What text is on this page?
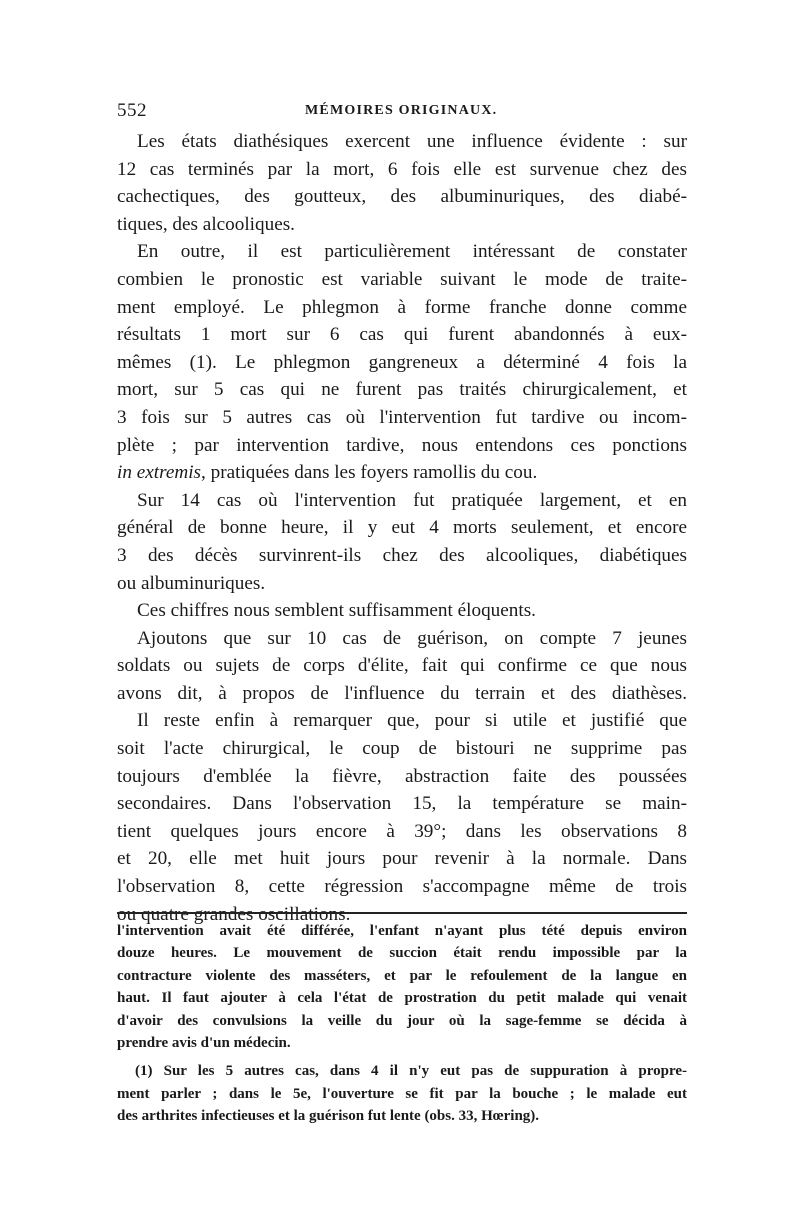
552	MÉMOIRES ORIGINAUX.
Les états diathésiques exercent une influence évidente : sur
12 cas terminés par la mort, 6 fois elle est survenue chez des
cachectiques, des goutteux, des albuminuriques, des diabé-
tiques, des alcooliques.
En outre, il est particulièrement intéressant de constater
combien le pronostic est variable suivant le mode de traite-
ment employé. Le phlegmon à forme franche donne comme
résultats 1 mort sur 6 cas qui furent abandonnés à eux-
mêmes (1). Le phlegmon gangreneux a déterminé 4 fois la
mort, sur 5 cas qui ne furent pas traités chirurgicalement, et
3 fois sur 5 autres cas où l'intervention fut tardive ou incom-
plète ; par intervention tardive, nous entendons ces ponctions
in extremis, pratiquées dans les foyers ramollis du cou.
Sur 14 cas où l'intervention fut pratiquée largement, et en
général de bonne heure, il y eut 4 morts seulement, et encore
3 des décès survinrent-ils chez des alcooliques, diabétiques
ou albuminuriques.
Ces chiffres nous semblent suffisamment éloquents.
Ajoutons que sur 10 cas de guérison, on compte 7 jeunes
soldats ou sujets de corps d'élite, fait qui confirme ce que nous
avons dit, à propos de l'influence du terrain et des diathèses.
Il reste enfin à remarquer que, pour si utile et justifié que
soit l'acte chirurgical, le coup de bistouri ne supprime pas
toujours d'emblée la fièvre, abstraction faite des poussées
secondaires. Dans l'observation 15, la température se main-
tient quelques jours encore à 39°; dans les observations 8
et 20, elle met huit jours pour revenir à la normale. Dans
l'observation 8, cette régression s'accompagne même de trois
ou quatre grandes oscillations.
l'intervention avait été différée, l'enfant n'ayant plus tété depuis environ
douze heures. Le mouvement de succion était rendu impossible par la
contracture violente des masséters, et par le refoulement de la langue en
haut. Il faut ajouter à cela l'état de prostration du petit malade qui venait
d'avoir des convulsions la veille du jour où la sage-femme se décida à
prendre avis d'un médecin.
(1) Sur les 5 autres cas, dans 4 il n'y eut pas de suppuration à propre-
ment parler ; dans le 5e, l'ouverture se fit par la bouche ; le malade eut
des arthrites infectieuses et la guérison fut lente (obs. 33, Hœring).
